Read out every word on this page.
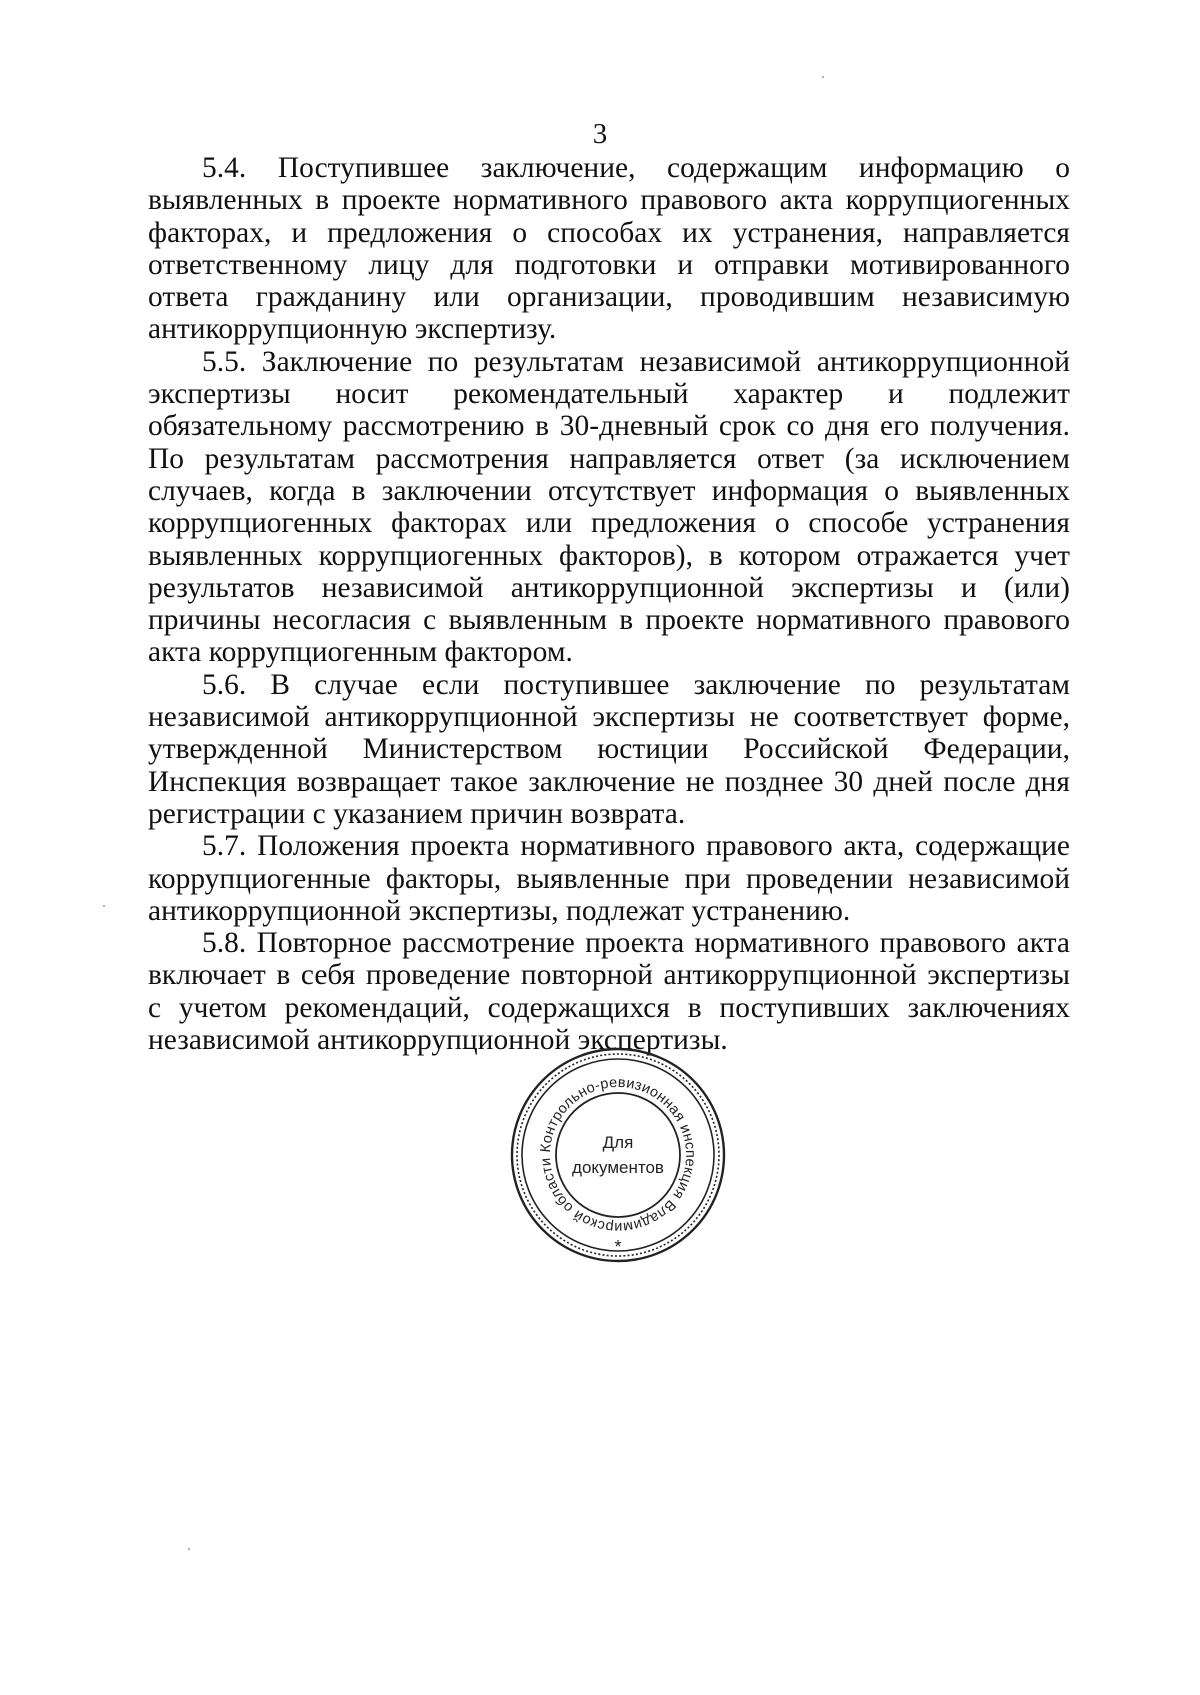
3

5.4. Поступившее заключение, содержащим информацию о выявленных в проекте нормативного правового акта коррупциогенных факторах, и предложения о способах их устранения, направляется ответственному лицу для подготовки и отправки мотивированного ответа гражданину или организации, проводившим независимую антикоррупционную экспертизу.

5.5. Заключение по результатам независимой антикоррупционной экспертизы носит рекомендательный характер и подлежит обязательному рассмотрению в 30-дневный срок со дня его получения. По результатам рассмотрения направляется ответ (за исключением случаев, когда в заключении отсутствует информация о выявленных коррупциогенных факторах или предложения о способе устранения выявленных коррупциогенных факторов), в котором отражается учет результатов независимой антикоррупционной экспертизы и (или) причины несогласия с выявленным в проекте нормативного правового акта коррупциогенным фактором.

5.6. В случае если поступившее заключение по результатам независимой антикоррупционной экспертизы не соответствует форме, утвержденной Министерством юстиции Российской Федерации, Инспекция возвращает такое заключение не позднее 30 дней после дня регистрации с указанием причин возврата.

5.7. Положения проекта нормативного правового акта, содержащие коррупциогенные факторы, выявленные при проведении независимой антикоррупционной экспертизы, подлежат устранению.

5.8. Повторное рассмотрение проекта нормативного правового акта включает в себя проведение повторной антикоррупционной экспертизы с учетом рекомендаций, содержащихся в поступивших заключениях независимой антикоррупционной экспертизы.

Контрольно-ревизионная инспекция Владимирской области
Для
документов
*
